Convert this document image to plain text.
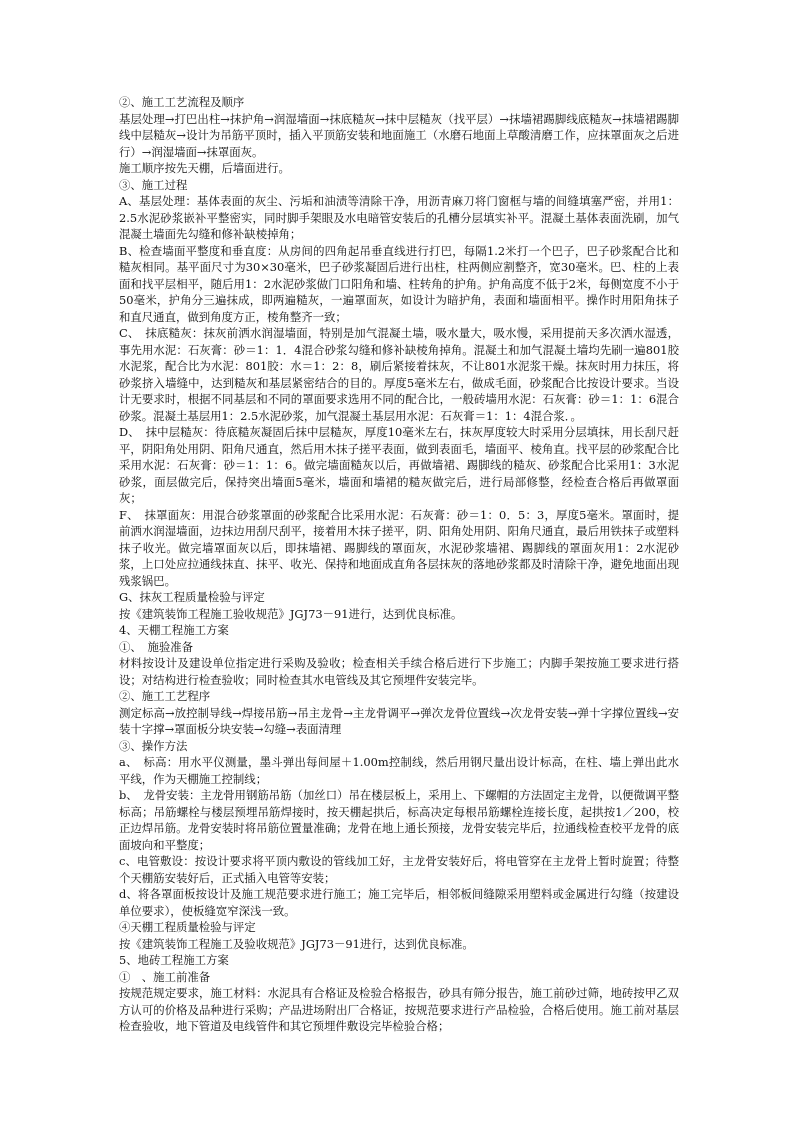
②、施工工艺流程及顺序

基层处理→打巴出柱→抹护角→润湿墙面→抹底糙灰→抹中层糙灰（找平层）→抹墙裙踢脚线底糙灰→抹墙裙踢脚线中层糙灰→设计为吊筋平顶时，插入平顶筋安装和地面施工（水磨石地面上草酸清磨工作，应抹罩面灰之后进行）→润湿墙面→抹罩面灰。

施工顺序按先天棚，后墙面进行。

③、施工过程

A、基层处理：基体表面的灰尘、污垢和油渍等清除干净，用沥青麻刀将门窗框与墙的间缝填塞严密，并用1：2.5水泥砂浆嵌补平整密实，同时脚手架眼及水电暗管安装后的孔槽分层填实补平。混凝土基体表面洗刷，加气混凝土墙面先勾缝和修补缺棱掉角；

B、检查墙面平整度和垂直度：从房间的四角起吊垂直线进行打巴，每隔1.2米打一个巴子，巴子砂浆配合比和糙灰相同。基平面尺寸为30×30毫米，巴子砂浆凝固后进行出柱，柱两侧应割整齐，宽30毫米。巴、柱的上表面和找平层相平，随后用1：2水泥砂浆做门口阳角和墙、柱转角的护角。护角高度不低于2米，每侧宽度不小于50毫米，护角分三遍抹成，即两遍糙灰，一遍罩面灰，如设计为暗护角，表面和墙面相平。操作时用阳角抹子和直尺通直，做到角度方正，棱角整齐一致；

C、　抹底糙灰：抹灰前洒水润湿墙面，特别是加气混凝土墙，吸水量大，吸水慢，采用提前天多次洒水湿透，事先用水泥：石灰膏：砂＝1：1．4混合砂浆勾缝和修补缺棱角掉角。混凝土和加气混凝土墙均先刷一遍801胶水泥浆，配合比为水泥：801胶：水＝1：2：8，刷后紧接着抹灰，不让801水泥浆干燥。抹灰时用力抹压，将砂浆挤入墙缝中，达到糙灰和基层紧密结合的目的。厚度5毫米左右，做成毛面，砂浆配合比按设计要求。当设计无要求时，根据不同基层和不同的罩面要求选用不同的配合比，一般砖墙用水泥：石灰膏：砂＝1：1：6混合砂浆。混凝土基层用1：2.5水泥砂浆，加气混凝土基层用水泥：石灰膏＝1：1：4混合浆．。

D、　抹中层糙灰：待底糙灰凝固后抹中层糙灰，厚度10毫米左右，抹灰厚度较大时采用分层填抹，用长刮尺赶平，阴阳角处用阴、阳角尺通直，然后用木抹子搓平表面，做到表面毛，墙面平、棱角直。找平层的砂浆配合比采用水泥：石灰膏：砂＝1：1：6。做完墙面糙灰以后，再做墙裙、踢脚线的糙灰、砂浆配合比采用1：3水泥砂浆，面层做完后，保持突出墙面5毫米，墙面和墙裙的糙灰做完后，进行局部修整，经检查合格后再做罩面灰；

F、　抹罩面灰：用混合砂浆罩面的砂浆配合比采用水泥：石灰膏：砂＝1：0．5：3，厚度5毫米。罩面时，提前洒水润湿墙面，边抹边用刮尺刮平，接着用木抹子搓平，阴、阳角处用阴、阳角尺通直，最后用铁抹子或塑料抹子收光。做完墙罩面灰以后，即抹墙裙、踢脚线的罩面灰，水泥砂浆墙裙、踢脚线的罩面灰用1：2水泥砂浆，上口处应拉通线抹直、抹平、收光、保持和地面成直角各层抹灰的落地砂浆都及时清除干净，避免地面出现残浆锅巴。

G、抹灰工程质量检验与评定

按《建筑装饰工程施工验收规范》JGJ73－91进行，达到优良标准。

4、天棚工程施工方案

①、　施验准备

材料按设计及建设单位指定进行采购及验收；检查相关手续合格后进行下步施工；内脚手架按施工要求进行搭设；对结构进行检查验收；同时检查其水电管线及其它预埋件安装完毕。

②、施工工艺程序

测定标高→放控制导线→焊接吊筋→吊主龙骨→主龙骨调平→弹次龙骨位置线→次龙骨安装→弹十字撑位置线→安装十字撑→罩面板分块安装→勾缝→表面清理

③、操作方法

a、　标高：用水平仪测量，墨斗弹出每间屋＋1.00m控制线，然后用钢尺量出设计标高，在柱、墙上弹出此水平线，作为天棚施工控制线；

b、　龙骨安装：主龙骨用钢筋吊筋（加丝口）吊在楼层板上，采用上、下螺帽的方法固定主龙骨，以便微调平整标高；吊筋螺栓与楼层预埋吊筋焊接时，按天棚起拱后，标高决定每根吊筋螺栓连接长度，起拱按1／200，校正边焊吊筋。龙骨安装时将吊筋位置量准确；龙骨在地上通长预接，龙骨安装完毕后，拉通线检查校平龙骨的底面坡向和平整度；

c、电管敷设：按设计要求将平顶内敷设的管线加工好，主龙骨安装好后，将电管穿在主龙骨上暂时旋置；待整个天棚筋安装好后，正式插入电管等安装；

d、将各罩面板按设计及施工规范要求进行施工；施工完毕后，相邻板间缝隙采用塑料或金属进行勾缝（按建设单位要求），使板缝宽窄深浅一致。

④天棚工程质量检验与评定

按《建筑装饰工程施工及验收规范》JGJ73－91进行，达到优良标准。

5、地砖工程施工方案

①　、施工前准备

按规范规定要求，施工材料：水泥具有合格证及检验合格报告，砂具有筛分报告，施工前砂过筛，地砖按甲乙双方认可的价格及品种进行采购；产品进场附出厂合格证，按规范要求进行产品检验，合格后使用。施工前对基层检查验收，地下管道及电线管件和其它预埋件敷设完毕检验合格；
